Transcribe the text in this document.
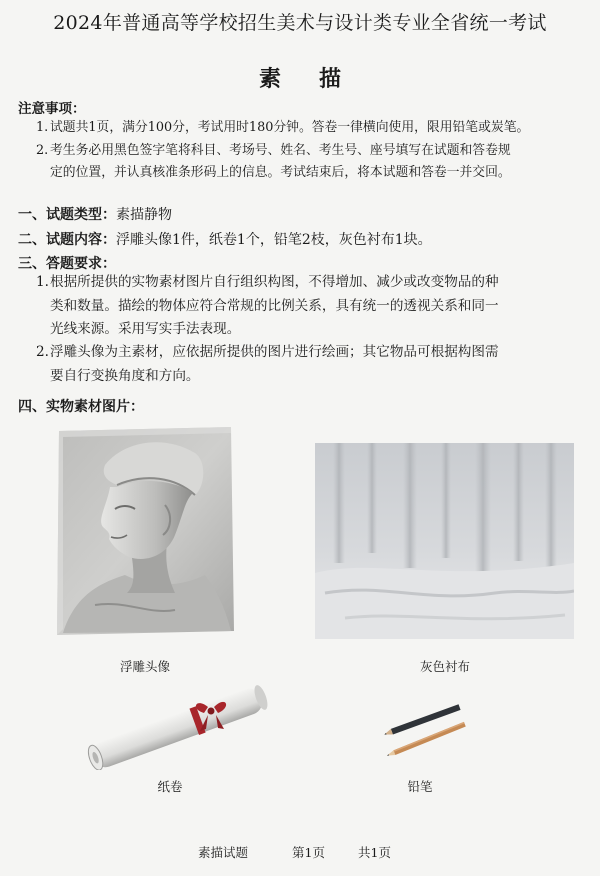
2024年普通高等学校招生美术与设计类专业全省统一考试
素描
注意事项：
1. 试题共1页，满分100分，考试用时180分钟。答卷一律横向使用，限用铅笔或炭笔。
2. 考生务必用黑色签字笔将科目、考场号、姓名、考生号、座号填写在试题和答卷规
定的位置，并认真核准条形码上的信息。考试结束后，将本试题和答卷一并交回。
一、试题类型：素描静物
二、试题内容：浮雕头像1件，纸卷1个，铅笔2枝，灰色衬布1块。
三、答题要求：
1.根据所提供的实物素材图片自行组织构图，不得增加、减少或改变物品的种
类和数量。描绘的物体应符合常规的比例关系，具有统一的透视关系和同一
光线来源。采用写实手法表现。
2.浮雕头像为主素材，应依据所提供的图片进行绘画；其它物品可根据构图需
要自行变换角度和方向。
四、实物素材图片：
浮雕头像	灰色衬布
纸卷	铅笔
素描试题	第1页	共1页
